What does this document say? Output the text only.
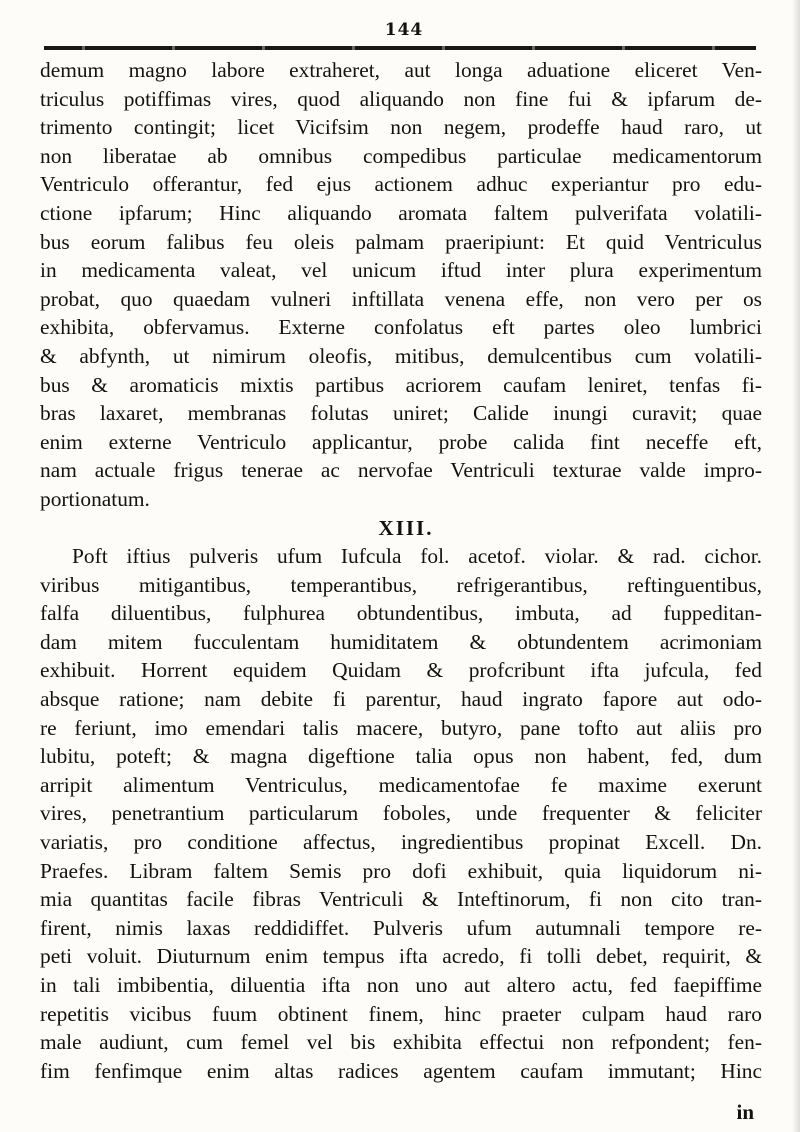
144
demum magno labore extraheret, aut longa aduatione eliceret Ven-
triculus potiffimas vires, quod aliquando non fine fui & ipfarum de-
trimento contingit; licet Vicifsim non negem, prodeffe haud raro, ut
non liberatae ab omnibus compedibus particulae medicamentorum
Ventriculo offerantur, fed ejus actionem adhuc experiantur pro edu-
ctione ipfarum; Hinc aliquando aromata faltem pulverifata volatili-
bus eorum falibus feu oleis palmam praeripiunt: Et quid Ventriculus
in medicamenta valeat, vel unicum iftud inter plura experimentum
probat, quo quaedam vulneri inftillata venena effe, non vero per os
exhibita, obfervamus. Externe confolatus eft partes oleo lumbrici
& abfynth, ut nimirum oleofis, mitibus, demulcentibus cum volatili-
bus & aromaticis mixtis partibus acriorem caufam leniret, tenfas fi-
bras laxaret, membranas folutas uniret; Calide inungi curavit; quae
enim externe Ventriculo applicantur, probe calida fint neceffe eft,
nam actuale frigus tenerae ac nervofae Ventriculi texturae valde impro-
portionatum.
XIII.
Poft iftius pulveris ufum Iufcula fol. acetof. violar. & rad. cichor.
viribus mitigantibus, temperantibus, refrigerantibus, reftinguentibus,
falfa diluentibus, fulphurea obtundentibus, imbuta, ad fuppeditan-
dam mitem fucculentam humiditatem & obtundentem acrimoniam
exhibuit. Horrent equidem Quidam & profcribunt ifta jufcula, fed
absque ratione; nam debite fi parentur, haud ingrato fapore aut odo-
re feriunt, imo emendari talis macere, butyro, pane tofto aut aliis pro
lubitu, poteft; & magna digeftione talia opus non habent, fed, dum
arripit alimentum Ventriculus, medicamentofae fe maxime exerunt
vires, penetrantium particularum foboles, unde frequenter & feliciter
variatis, pro conditione affectus, ingredientibus propinat Excell. Dn.
Praefes. Libram faltem Semis pro dofi exhibuit, quia liquidorum ni-
mia quantitas facile fibras Ventriculi & Inteftinorum, fi non cito tran-
firent, nimis laxas reddidiffet. Pulveris ufum autumnali tempore re-
peti voluit. Diuturnum enim tempus ifta acredo, fi tolli debet, requirit, &
in tali imbibentia, diluentia ifta non uno aut altero actu, fed faepiffime
repetitis vicibus fuum obtinent finem, hinc praeter culpam haud raro
male audiunt, cum femel vel bis exhibita effectui non refpondent; fen-
fim fenfimque enim altas radices agentem caufam immutant; Hinc
in
